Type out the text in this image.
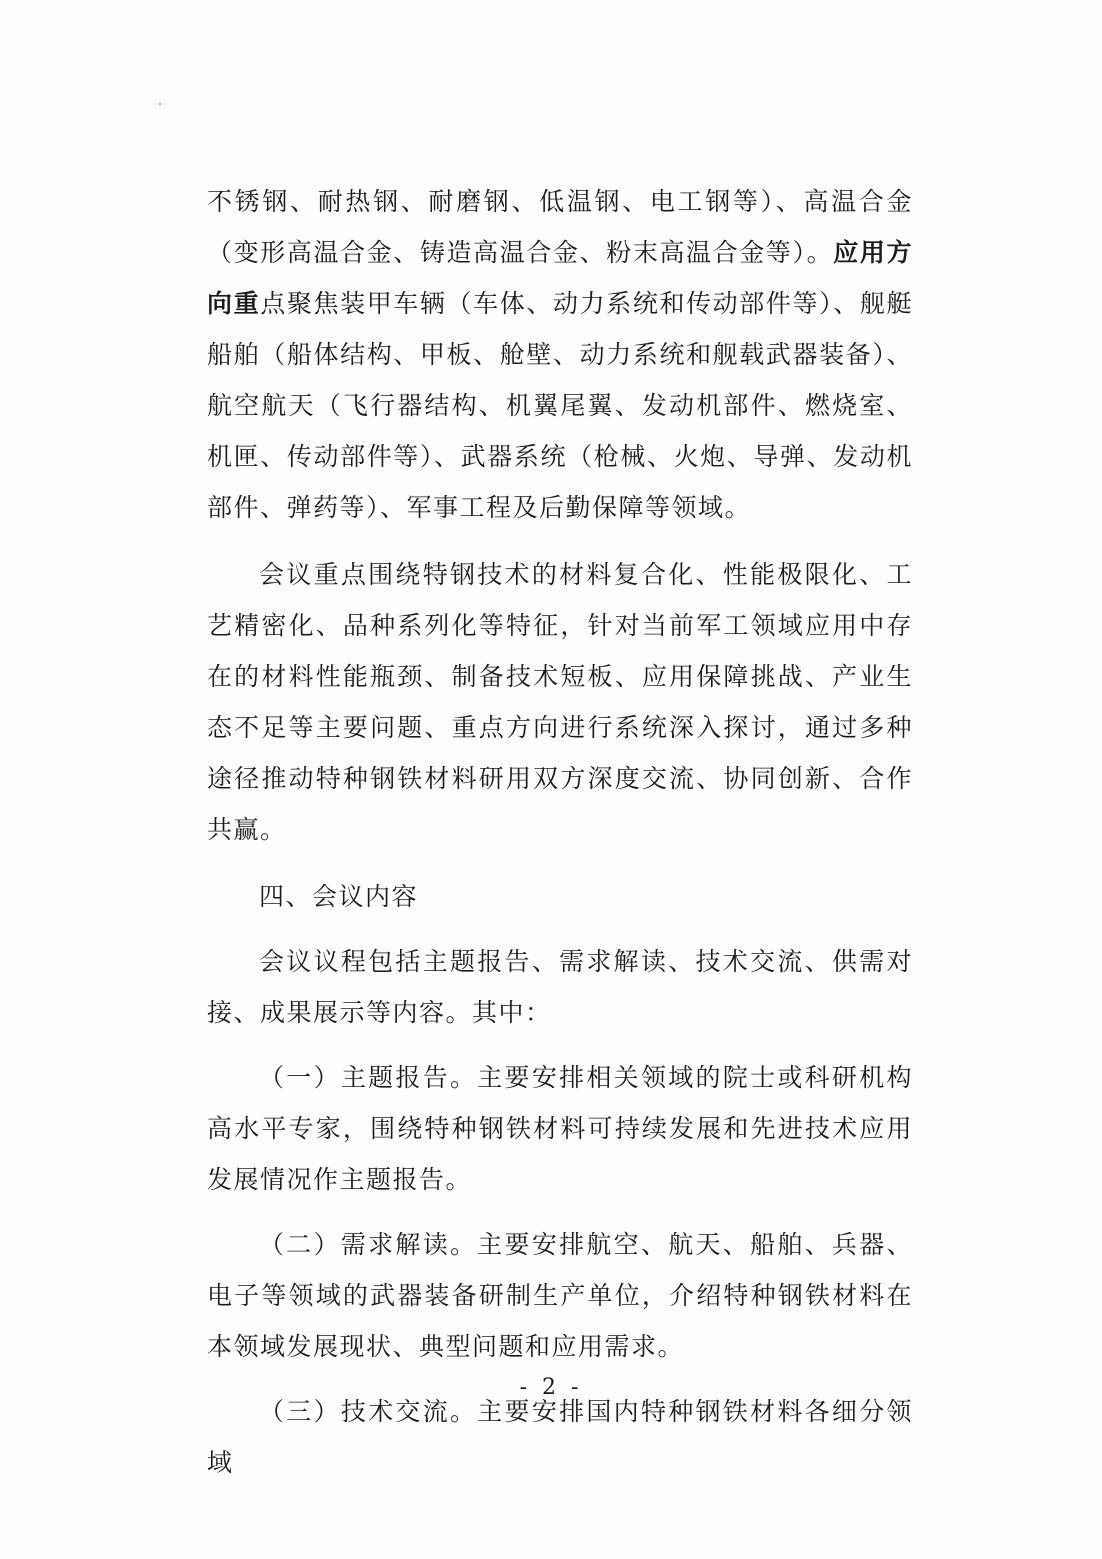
不锈钢、耐热钢、耐磨钢、低温钢、电工钢等）、高温合金（变形高温合金、铸造高温合金、粉末高温合金等）。应用方向重点聚焦装甲车辆（车体、动力系统和传动部件等）、舰艇船舶（船体结构、甲板、舱壁、动力系统和舰载武器装备）、航空航天（飞行器结构、机翼尾翼、发动机部件、燃烧室、机匣、传动部件等）、武器系统（枪械、火炮、导弹、发动机部件、弹药等）、军事工程及后勤保障等领域。

会议重点围绕特钢技术的材料复合化、性能极限化、工艺精密化、品种系列化等特征，针对当前军工领域应用中存在的材料性能瓶颈、制备技术短板、应用保障挑战、产业生态不足等主要问题、重点方向进行系统深入探讨，通过多种途径推动特种钢铁材料研用双方深度交流、协同创新、合作共赢。

四、会议内容

会议议程包括主题报告、需求解读、技术交流、供需对接、成果展示等内容。其中：

（一）主题报告。主要安排相关领域的院士或科研机构高水平专家，围绕特种钢铁材料可持续发展和先进技术应用发展情况作主题报告。

（二）需求解读。主要安排航空、航天、船舶、兵器、电子等领域的武器装备研制生产单位，介绍特种钢铁材料在本领域发展现状、典型问题和应用需求。

（三）技术交流。主要安排国内特种钢铁材料各细分领域

- 2 -
